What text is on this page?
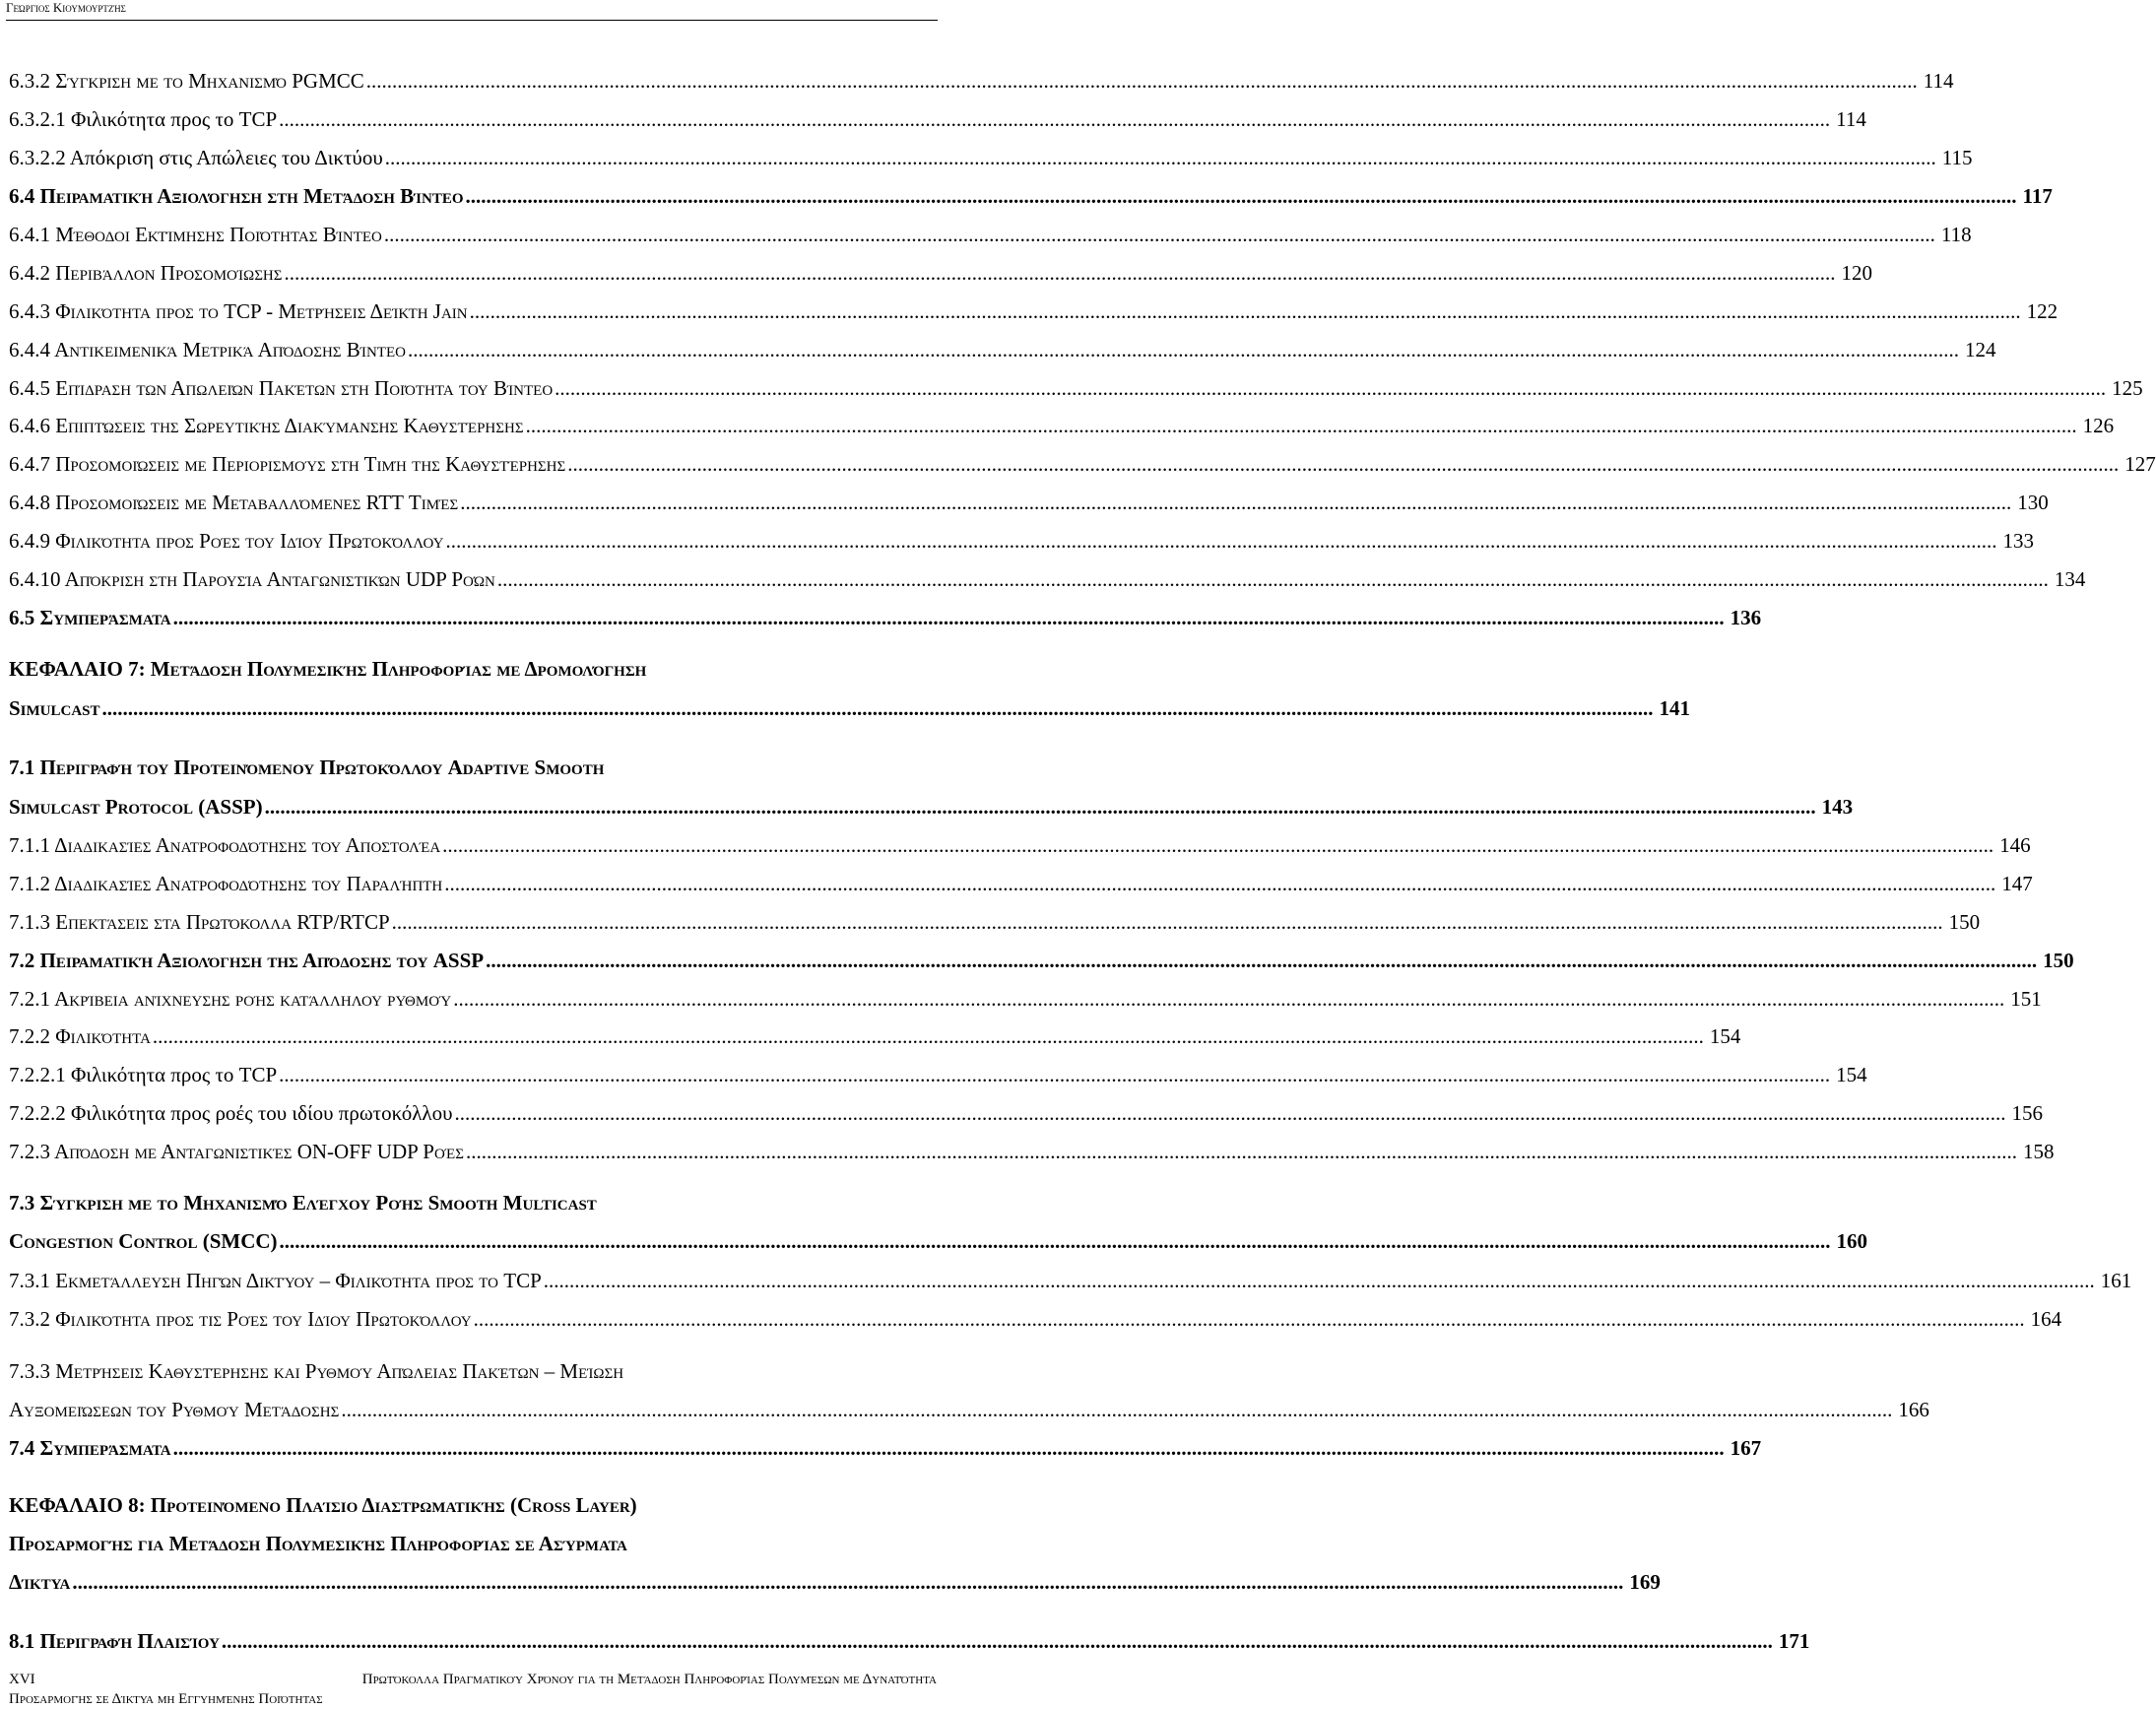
Γεώργιος Κιουμουρτζής
6.3.2 Σύγκριση με το Μηχανισμό PGMCC .....	114
6.3.2.1 Φιλικότητα προς το TCP .....	114
6.3.2.2 Απόκριση στις Απώλειες του Δικτύου .....	115
6.4 Πειραματική Αξιολόγηση στη Μετάδοση Βίντεο .....	117
6.4.1 Μέθοδοι Εκτίμησης Ποιότητας Βίντεο .....	118
6.4.2 Περιβάλλον Προσομοίωσης .....	120
6.4.3 Φιλικότητα προς το TCP - Μετρήσεις Δείκτη Jain .....	122
6.4.4 Αντικειμενικά Μετρικά Απόδοσης Βίντεο .....	124
6.4.5 Επίδραση των Απωλειών Πακέτων στη Ποιότητα του Βίντεο .....	125
6.4.6 Επιπτώσεις της Σωρευτικής Διακύμανσης Καθυστέρησης .....	126
6.4.7 Προσομοιώσεις με Περιορισμούς στη Τιμή της Καθυστέρησης .....	127
6.4.8 Προσομοιώσεις με Μεταβαλλόμενες RTT Τιμές .....	130
6.4.9 Φιλικότητα προς Ροές του Ιδίου Πρωτοκόλλου .....	133
6.4.10 Απόκριση στη Παρουσία Ανταγωνιστικών UDP Ροών .....	134
6.5 Συμπεράσματα .....	136
ΚΕΦΑΛΑΙΟ 7: Μετάδοση Πολυμεσικής Πληροφορίας με Δρομολόγηση
Simulcast .....	141
7.1 Περιγραφή του Προτεινόμενου Πρωτοκόλλου Adaptive Smooth
Simulcast Protocol (ASSP) .....	143
7.1.1 Διαδικασίες Ανατροφοδότησης του Αποστολέα .....	146
7.1.2 Διαδικασίες Ανατροφοδότησης του Παραλήπτη .....	147
7.1.3 Επεκτάσεις στα Πρωτόκολλα RTP/RTCP .....	150
7.2 Πειραματική Αξιολόγηση της Απόδοσης του ASSP .....	150
7.2.1 Ακρίβεια ανίχνευσης ροής κατάλληλου ρυθμού .....	151
7.2.2 Φιλικότητα .....	154
7.2.2.1 Φιλικότητα προς το TCP .....	154
7.2.2.2 Φιλικότητα προς ροές του ιδίου πρωτοκόλλου .....	156
7.2.3 Απόδοση με Ανταγωνιστικές ON-OFF UDP Ροές .....	158
7.3 Σύγκριση με το Μηχανισμό Ελέγχου Ροής Smooth Multicast
Congestion Control (SMCC) .....	160
7.3.1 Εκμετάλλευση Πηγών Δικτύου – Φιλικότητα προς το TCP .....	161
7.3.2 Φιλικότητα προς τις Ροές του Ιδίου Πρωτοκόλλου .....	164
7.3.3 Μετρήσεις Καθυστέρησης και Ρυθμού Απώλειας Πακέτων – Μείωση
Αυξομειώσεων του Ρυθμού Μετάδοσης .....	166
7.4 Συμπεράσματα .....	167
ΚΕΦΑΛΑΙΟ 8: Προτεινόμενο Πλαίσιο Διαστρωματικής (Cross Layer)
Προσαρμογής για Μετάδοση Πολυμεσικής Πληροφορίας σε Ασύρματα
Δίκτυα .....	169
8.1 Περιγραφή Πλαισίου .....	171
XVI	Πρωτόκολλα Πραγματικού Χρόνου για τη Μετάδοση Πληροφορίας Πολυμέσων με Δυνατότητα
Προσαρμογής σε Δίκτυα μη Εγγυημένης Ποιότητας
